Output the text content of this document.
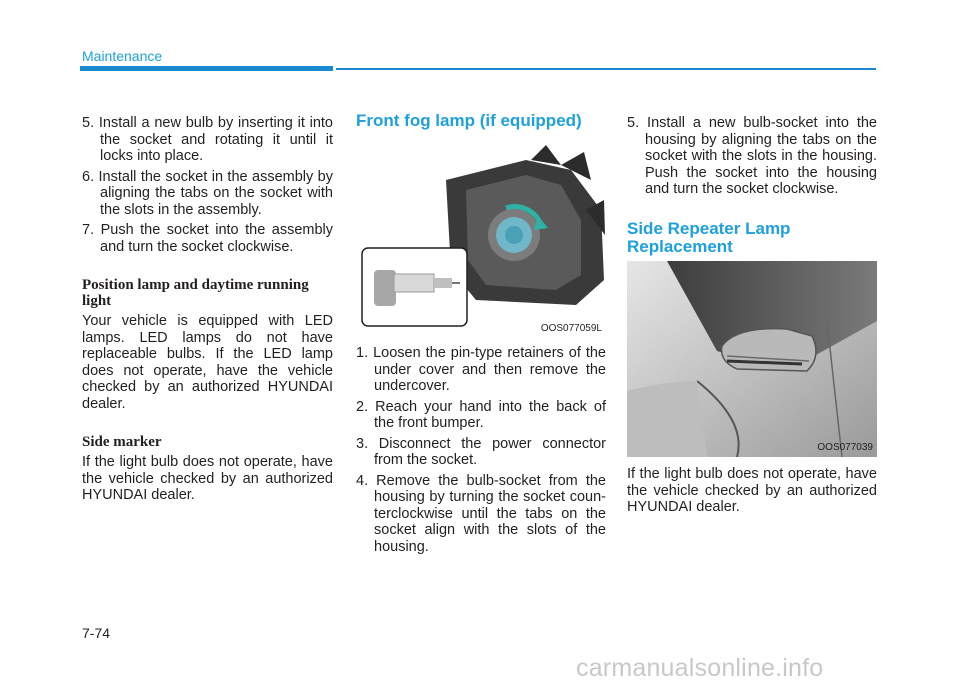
Maintenance

5. Install a new bulb by inserting it into the socket and rotating it until it locks into place.

6. Install the socket in the assembly by aligning the tabs on the socket with the slots in the assembly.

7. Push the socket into the assembly and turn the socket clockwise.

Position lamp and daytime running light

Your vehicle is equipped with LED lamps. LED lamps do not have replaceable bulbs. If the LED lamp does not operate, have the vehicle checked by an authorized HYUNDAI dealer.

Side marker

If the light bulb does not operate, have the vehicle checked by an authorized HYUNDAI dealer.

Front fog lamp (if equipped)

OOS077059L

1. Loosen the pin-type retainers of the under cover and then remove the undercover.

2. Reach your hand into the back of the front bumper.

3. Disconnect the power connector from the socket.

4. Remove the bulb-socket from the housing by turning the socket coun-terclockwise until the tabs on the socket align with the slots of the housing.

5. Install a new bulb-socket into the housing by aligning the tabs on the socket with the slots in the housing. Push the socket into the housing and turn the socket clockwise.

Side Repeater Lamp Replacement

OOS077039

If the light bulb does not operate, have the vehicle checked by an authorized HYUNDAI dealer.

7-74
carmanualsonline.info
